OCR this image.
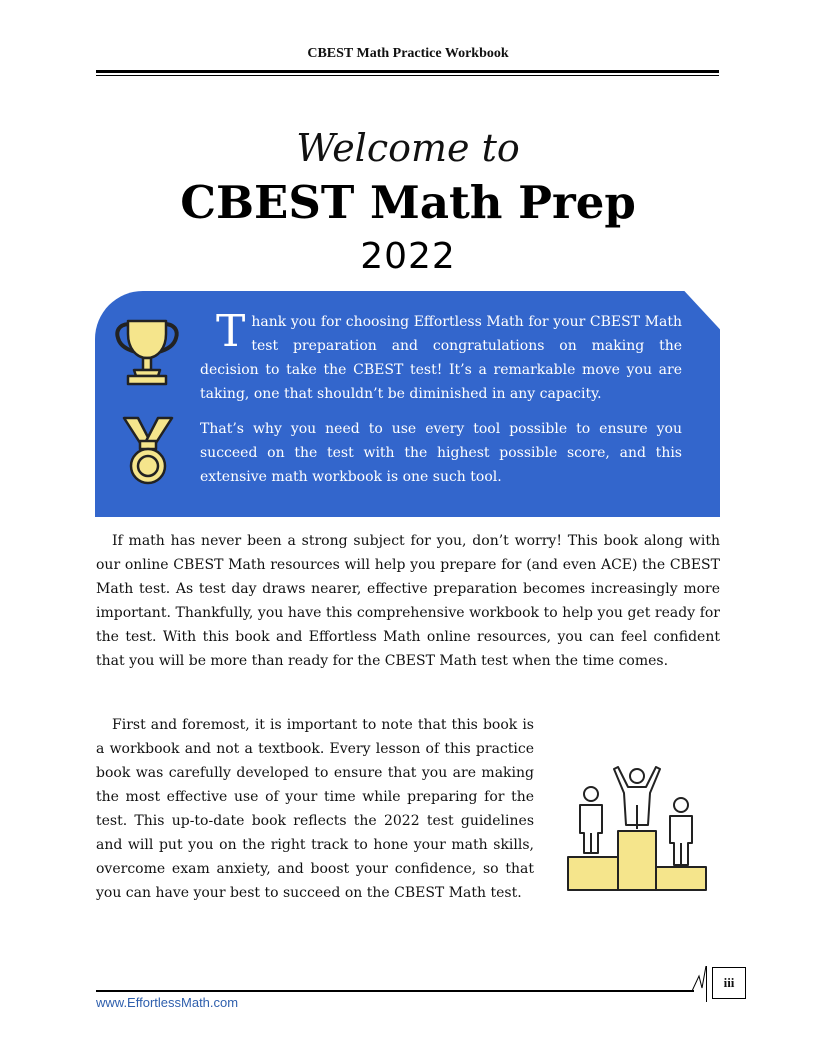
CBEST Math Practice Workbook
Welcome to
CBEST Math Prep
2022

Thank you for choosing Effortless Math for your CBEST Math test preparation and congratulations on making the decision to take the CBEST test! It’s a remarkable move you are taking, one that shouldn’t be diminished in any capacity.

That’s why you need to use every tool possible to ensure you succeed on the test with the highest possible score, and this extensive math workbook is one such tool.

If math has never been a strong subject for you, don’t worry! This book along with our online CBEST Math resources will help you prepare for (and even ACE) the CBEST Math test. As test day draws nearer, effective preparation becomes increasingly more important. Thankfully, you have this comprehensive workbook to help you get ready for the test. With this book and Effortless Math online resources, you can feel confident that you will be more than ready for the CBEST Math test when the time comes.

First and foremost, it is important to note that this book is a workbook and not a textbook. Every lesson of this practice book was carefully developed to ensure that you are making the most effective use of your time while preparing for the test. This up-to-date book reflects the 2022 test guidelines and will put you on the right track to hone your math skills, overcome exam anxiety, and boost your confidence, so that you can have your best to succeed on the CBEST Math test.
iii
www.EffortlessMath.com
